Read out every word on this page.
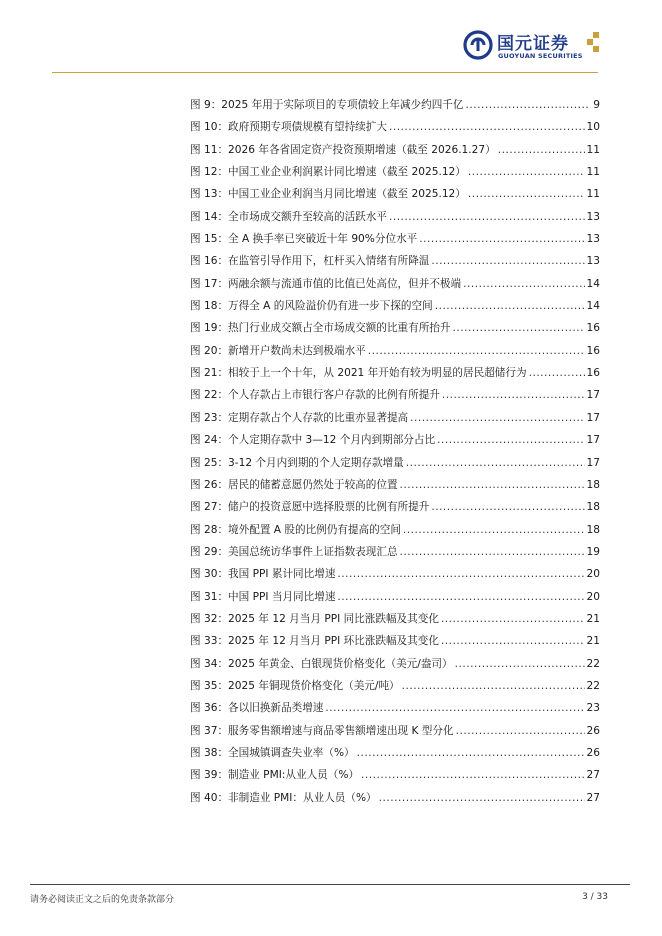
国元证券
GUOYUAN SECURITIES
图 9：2025 年用于实际项目的专项债较上年减少约四千亿 .....	9
图 10：政府预期专项债规模有望持续扩大 .....	10
图 11：2026 年各省固定资产投资预期增速（截至 2026.1.27） .....	11
图 12：中国工业企业利润累计同比增速（截至 2025.12） .....	11
图 13：中国工业企业利润当月同比增速（截至 2025.12） .....	11
图 14：全市场成交额升至较高的活跃水平 .....	13
图 15：全 A 换手率已突破近十年 90%分位水平 .....	13
图 16：在监管引导作用下，杠杆买入情绪有所降温 .....	13
图 17：两融余额与流通市值的比值已处高位，但并不极端 .....	14
图 18：万得全 A 的风险溢价仍有进一步下探的空间 .....	14
图 19：热门行业成交额占全市场成交额的比重有所抬升 .....	16
图 20：新增开户数尚未达到极端水平 .....	16
图 21：相较于上一个十年，从 2021 年开始有较为明显的居民超储行为 .....	16
图 22：个人存款占上市银行客户存款的比例有所提升 .....	17
图 23：定期存款占个人存款的比重亦显著提高 .....	17
图 24：个人定期存款中 3—12 个月内到期部分占比 .....	17
图 25：3-12 个月内到期的个人定期存款增量 .....	17
图 26：居民的储蓄意愿仍然处于较高的位置 .....	18
图 27：储户的投资意愿中选择股票的比例有所提升 .....	18
图 28：境外配置 A 股的比例仍有提高的空间 .....	18
图 29：美国总统访华事件上证指数表现汇总 .....	19
图 30：我国 PPI 累计同比增速 .....	20
图 31：中国 PPI 当月同比增速 .....	20
图 32：2025 年 12 月当月 PPI 同比涨跌幅及其变化 .....	21
图 33：2025 年 12 月当月 PPI 环比涨跌幅及其变化 .....	21
图 34：2025 年黄金、白银现货价格变化（美元/盎司） .....	22
图 35：2025 年铜现货价格变化（美元/吨） .....	22
图 36：各以旧换新品类增速 .....	23
图 37：服务零售额增速与商品零售额增速出现 K 型分化 .....	26
图 38：全国城镇调查失业率（%） .....	26
图 39：制造业 PMI:从业人员（%） .....	27
图 40：非制造业 PMI：从业人员（%） .....	27
请务必阅读正文之后的免责条款部分	3 / 33
